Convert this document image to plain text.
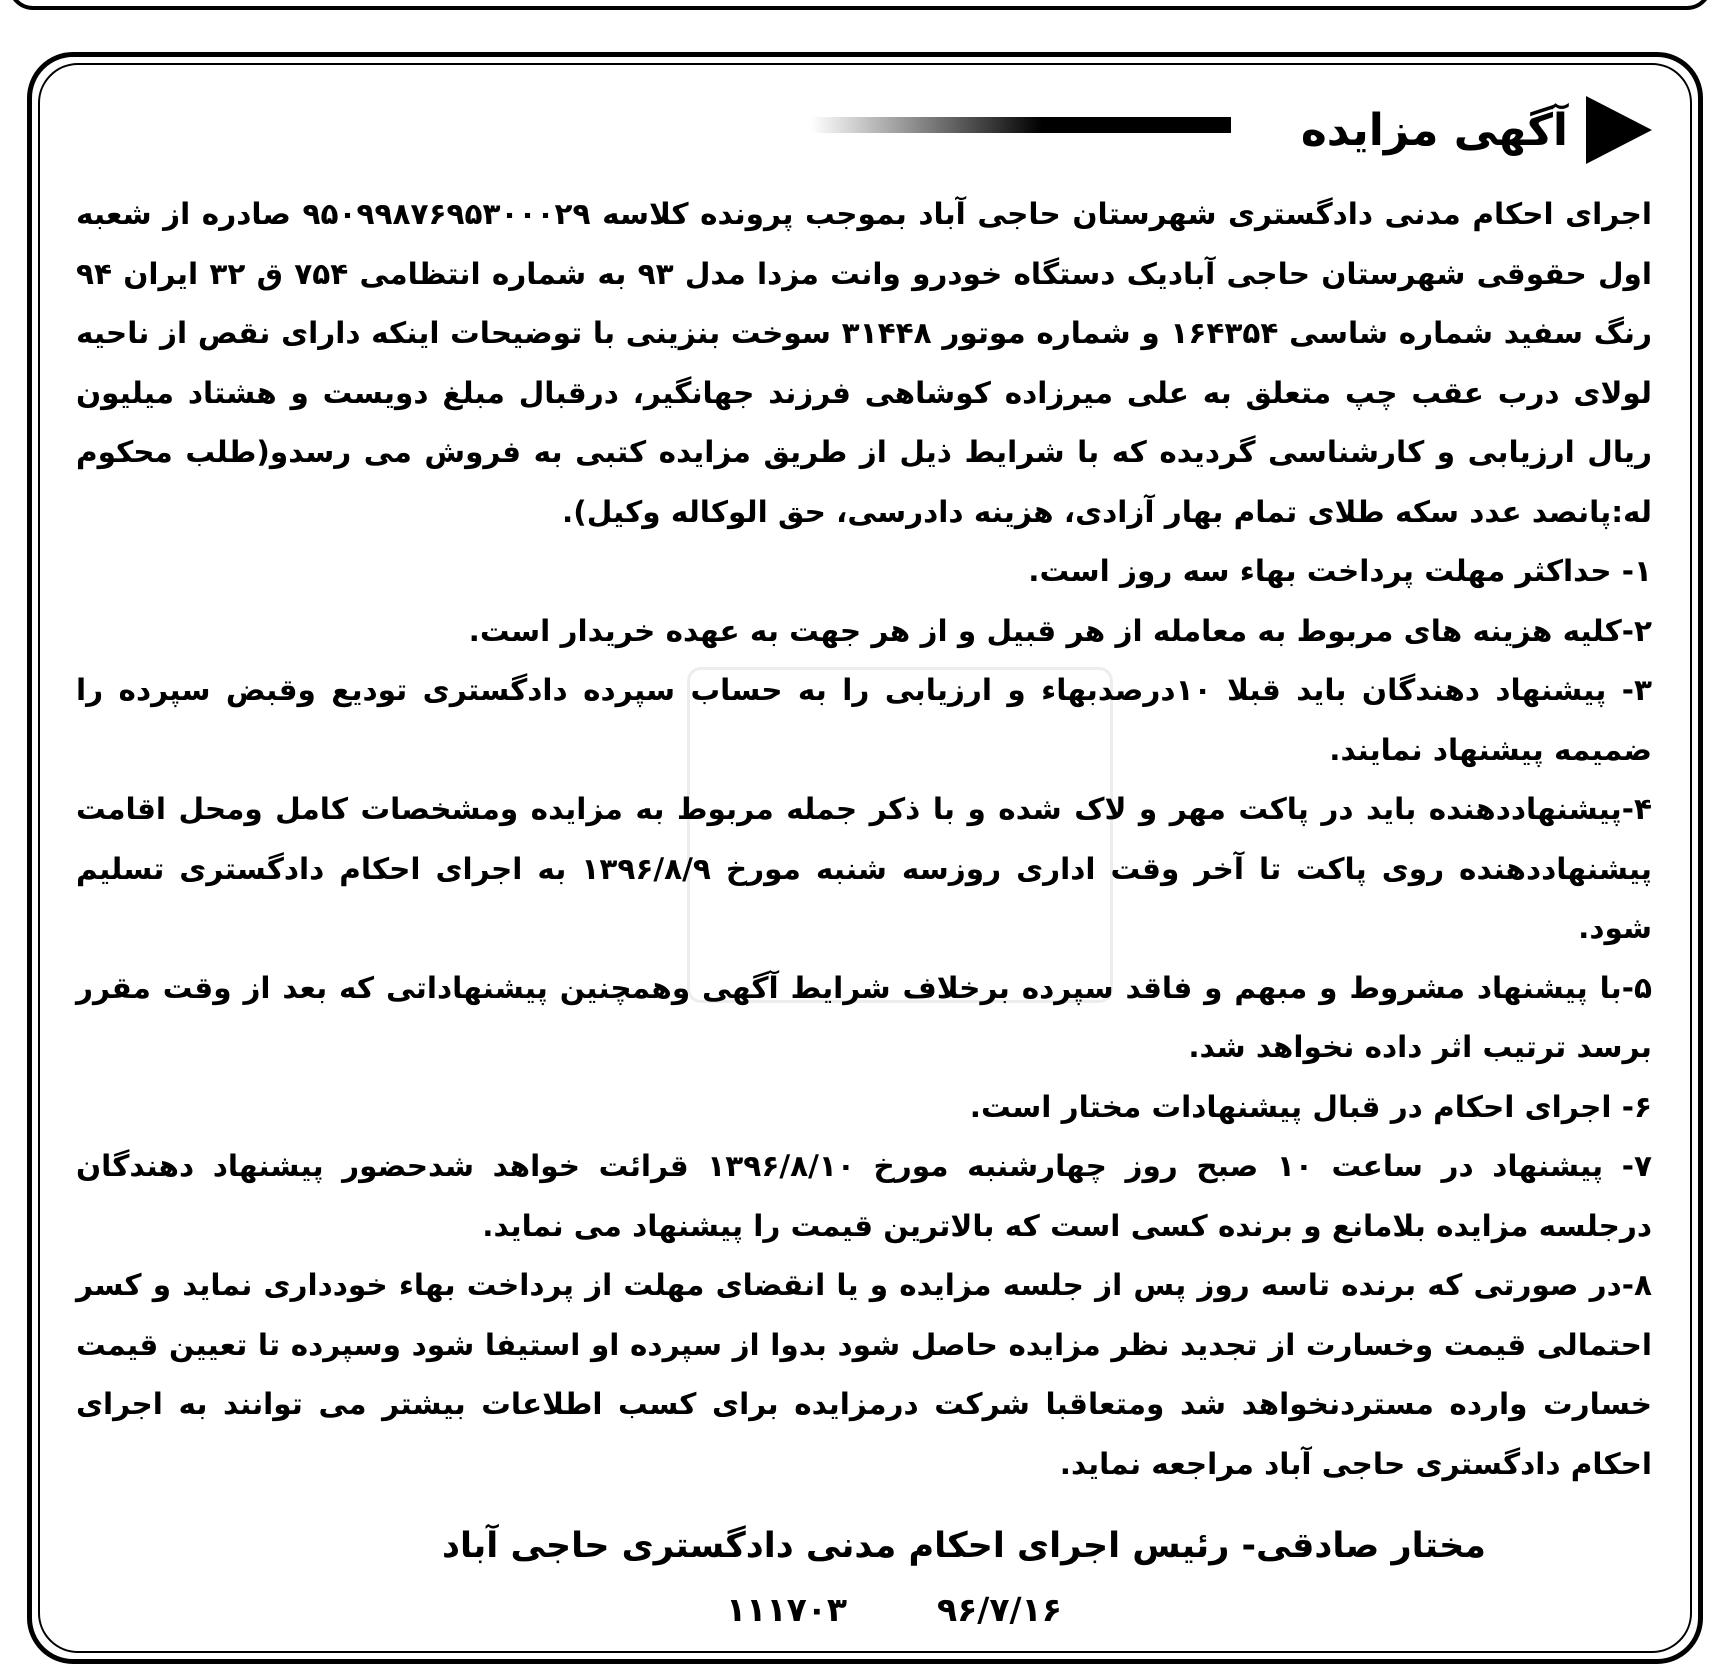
آگهی مزایده

اجرای احکام مدنی دادگستری شهرستان حاجی آباد بموجب پرونده کلاسه ۹۵۰۹۹۸۷۶۹۵۳۰۰۰۲۹ صادره از شعبه اول حقوقی شهرستان حاجی آبادیک دستگاه خودرو وانت مزدا مدل ۹۳ به شماره انتظامی ۷۵۴ ق ۳۲ ایران ۹۴ رنگ سفید شماره شاسی ۱۶۴۳۵۴ و شماره موتور ۳۱۴۴۸ سوخت بنزینی با توضیحات اینکه دارای نقص از ناحیه لولای درب عقب چپ متعلق به علی میرزاده کوشاهی فرزند جهانگیر، درقبال مبلغ دویست و هشتاد میلیون ریال ارزیابی و کارشناسی گردیده که با شرایط ذیل از طریق مزایده کتبی به فروش می رسدو(طلب محکوم له:پانصد عدد سکه طلای تمام بهار آزادی، هزینه دادرسی، حق الوکاله وکیل).

۱- حداکثر مهلت پرداخت بهاء سه روز است.

۲-کلیه هزینه های مربوط به معامله از هر قبیل و از هر جهت به عهده خریدار است.

۳- پیشنهاد دهندگان باید قبلا ۱۰درصدبهاء و ارزیابی را به حساب سپرده دادگستری تودیع وقبض سپرده را ضمیمه پیشنهاد نمایند.

۴-پیشنهاددهنده باید در پاکت مهر و لاک شده و با ذکر جمله مربوط به مزایده ومشخصات کامل ومحل اقامت پیشنهاددهنده روی پاکت تا آخر وقت اداری روزسه شنبه مورخ ۱۳۹۶/۸/۹ به اجرای احکام دادگستری تسلیم شود.

۵-با پیشنهاد مشروط و مبهم و فاقد سپرده برخلاف شرایط آگهی وهمچنین پیشنهاداتی که بعد از وقت مقرر برسد ترتیب اثر داده نخواهد شد.

۶- اجرای احکام در قبال پیشنهادات مختار است.

۷- پیشنهاد در ساعت ۱۰ صبح روز چهارشنبه مورخ ۱۳۹۶/۸/۱۰ قرائت خواهد شدحضور پیشنهاد دهندگان درجلسه مزایده بلامانع و برنده کسی است که بالاترین قیمت را پیشنهاد می نماید.

۸-در صورتی که برنده تاسه روز پس از جلسه مزایده و یا انقضای مهلت از پرداخت بهاء خودداری نماید و کسر احتمالی قیمت وخسارت از تجدید نظر مزایده حاصل شود بدوا از سپرده او استیفا شود وسپرده تا تعیین قیمت خسارت وارده مستردنخواهد شد ومتعاقبا شرکت درمزایده برای کسب اطلاعات بیشتر می توانند به اجرای احکام دادگستری حاجی آباد مراجعه نماید.

مختار صادقی- رئیس اجرای احکام مدنی دادگستری حاجی آباد
۹۶/۷/۱۶
۱۱۱۷۰۳
